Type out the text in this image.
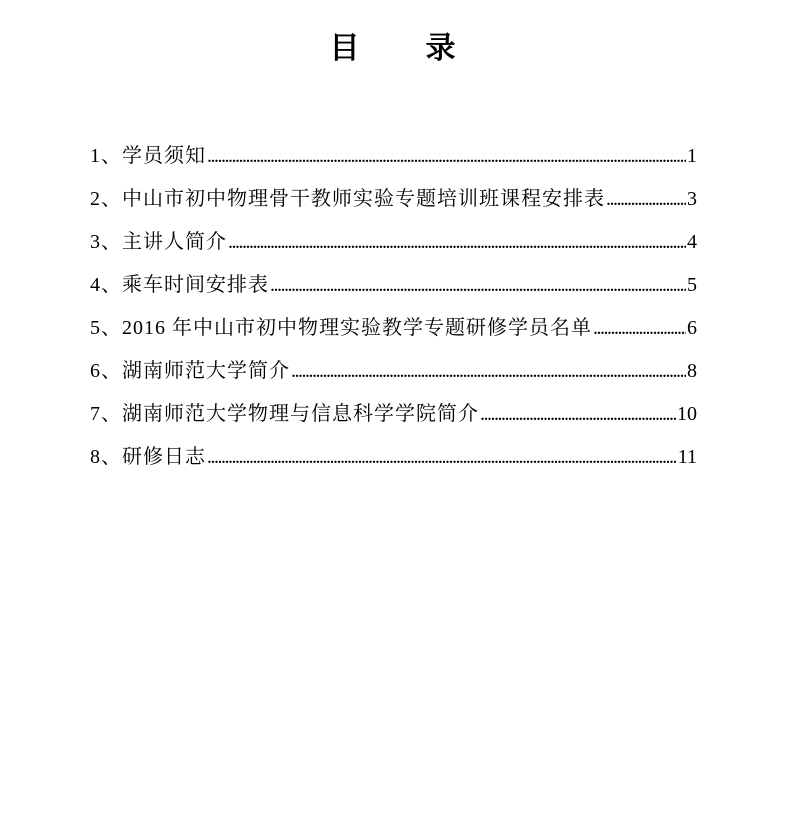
目　　录
1、学员须知 .....	1
2、中山市初中物理骨干教师实验专题培训班课程安排表 .....	3
3、主讲人简介 .....	4
4、乘车时间安排表 .....	5
5、2016 年中山市初中物理实验教学专题研修学员名单 .....	6
6、湖南师范大学简介 .....	8
7、湖南师范大学物理与信息科学学院简介 .....	10
8、研修日志 .....	11
